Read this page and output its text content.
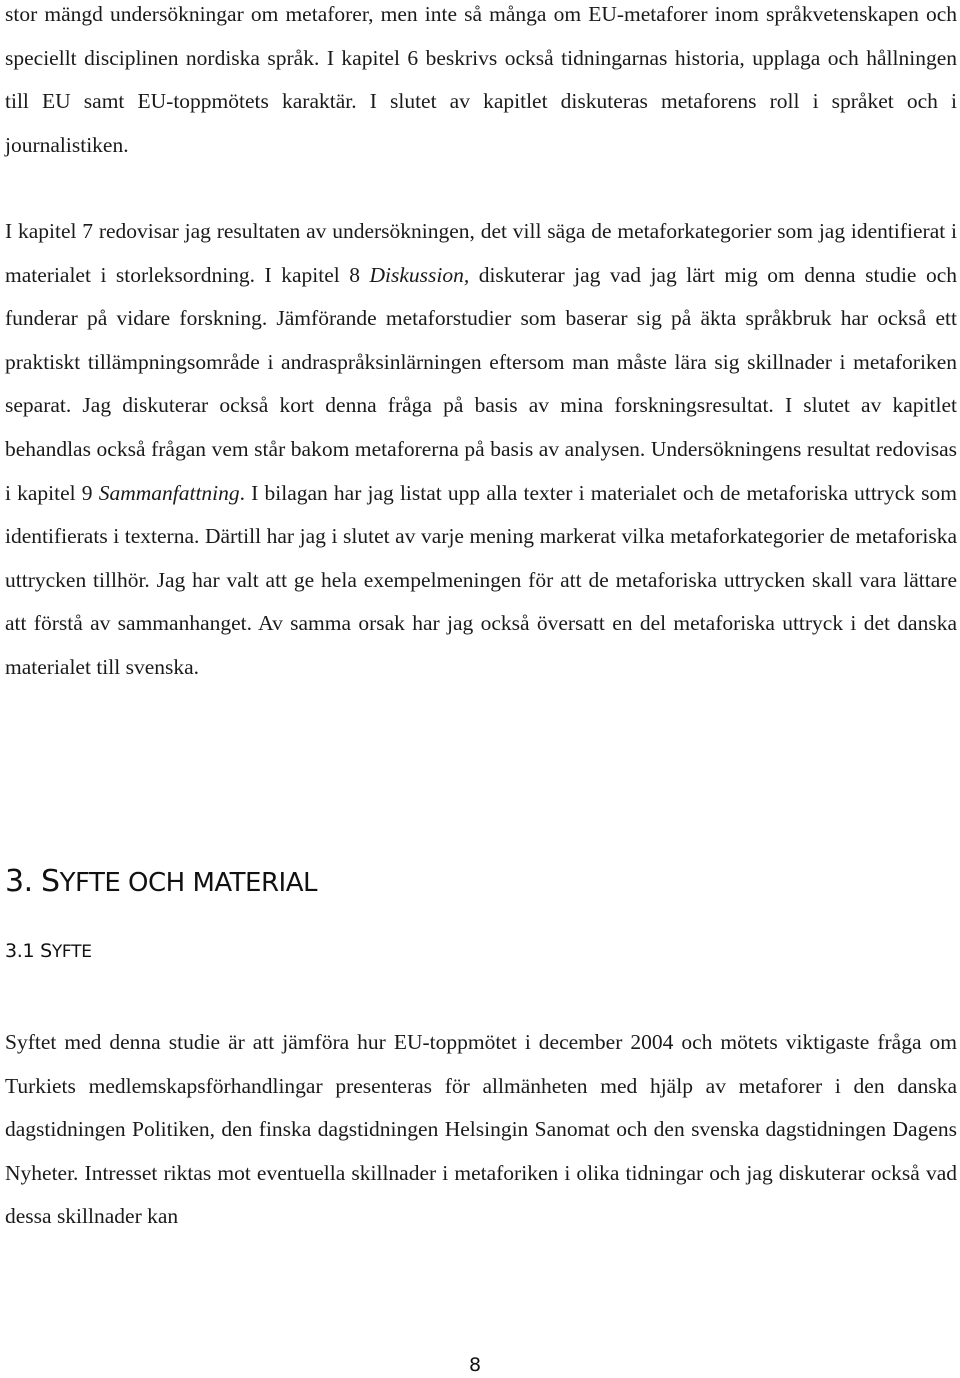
stor mängd undersökningar om metaforer, men inte så många om EU-metaforer inom språkvetenskapen och speciellt disciplinen nordiska språk. I kapitel 6 beskrivs också tidningarnas historia, upplaga och hållningen till EU samt EU-toppmötets karaktär. I slutet av kapitlet diskuteras metaforens roll i språket och i journalistiken.

I kapitel 7 redovisar jag resultaten av undersökningen, det vill säga de metaforkategorier som jag identifierat i materialet i storleksordning. I kapitel 8 Diskussion, diskuterar jag vad jag lärt mig om denna studie och funderar på vidare forskning. Jämförande metaforstudier som baserar sig på äkta språkbruk har också ett praktiskt tillämpningsområde i andraspråksinlärningen eftersom man måste lära sig skillnader i metaforiken separat. Jag diskuterar också kort denna fråga på basis av mina forskningsresultat. I slutet av kapitlet behandlas också frågan vem står bakom metaforerna på basis av analysen. Undersökningens resultat redovisas i kapitel 9 Sammanfattning. I bilagan har jag listat upp alla texter i materialet och de metaforiska uttryck som identifierats i texterna. Därtill har jag i slutet av varje mening markerat vilka metaforkategorier de metaforiska uttrycken tillhör. Jag har valt att ge hela exempelmeningen för att de metaforiska uttrycken skall vara lättare att förstå av sammanhanget. Av samma orsak har jag också översatt en del metaforiska uttryck i det danska materialet till svenska.

3. SYFTE OCH MATERIAL
3.1 SYFTE

Syftet med denna studie är att jämföra hur EU-toppmötet i december 2004 och mötets viktigaste fråga om Turkiets medlemskapsförhandlingar presenteras för allmänheten med hjälp av metaforer i den danska dagstidningen Politiken, den finska dagstidningen Helsingin Sanomat och den svenska dagstidningen Dagens Nyheter. Intresset riktas mot eventuella skillnader i metaforiken i olika tidningar och jag diskuterar också vad dessa skillnader kan

8
